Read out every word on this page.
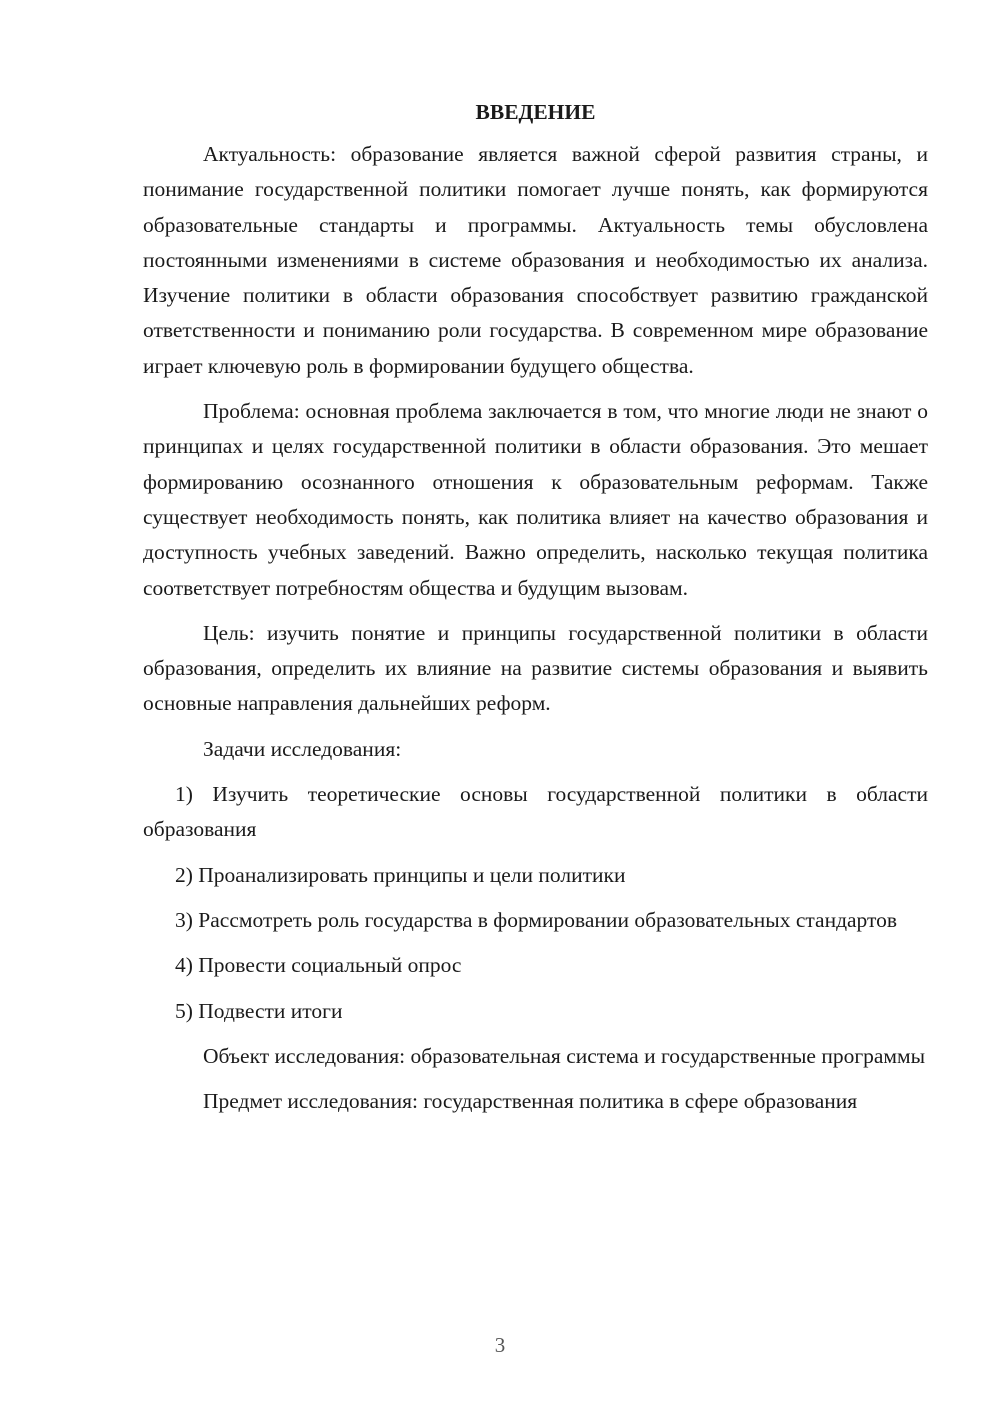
ВВЕДЕНИЕ

Актуальность: образование является важной сферой развития страны, и понимание государственной политики помогает лучше понять, как формируются образовательные стандарты и программы. Актуальность темы обусловлена постоянными изменениями в системе образования и необходимостью их анализа. Изучение политики в области образования способствует развитию гражданской ответственности и пониманию роли государства. В современном мире образование играет ключевую роль в формировании будущего общества.

Проблема: основная проблема заключается в том, что многие люди не знают о принципах и целях государственной политики в области образования. Это мешает формированию осознанного отношения к образовательным реформам. Также существует необходимость понять, как политика влияет на качество образования и доступность учебных заведений. Важно определить, насколько текущая политика соответствует потребностям общества и будущим вызовам.

Цель: изучить понятие и принципы государственной политики в области образования, определить их влияние на развитие системы образования и выявить основные направления дальнейших реформ.

Задачи исследования:

1) Изучить теоретические основы государственной политики в области образования

2) Проанализировать принципы и цели политики

3) Рассмотреть роль государства в формировании образовательных стандартов

4) Провести социальный опрос

5) Подвести итоги

Объект исследования: образовательная система и государственные программы

Предмет исследования: государственная политика в сфере образования

3
